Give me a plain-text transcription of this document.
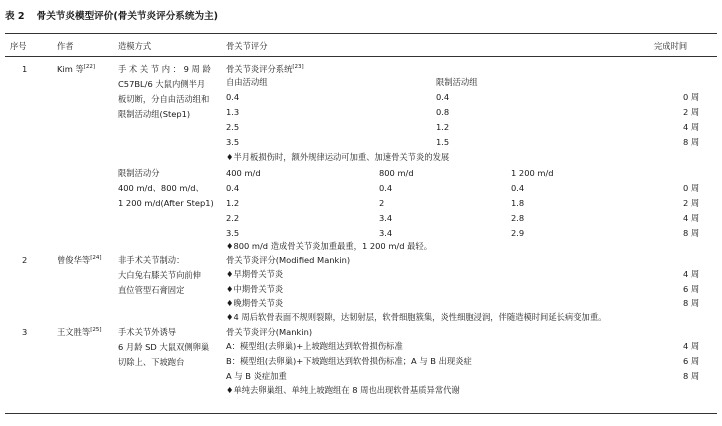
表 2 骨关节炎模型评价(骨关节炎评分系统为主)
序号	作者	造模方式	骨关节评分	完成时间
1	Kim 等[22]	手 术 关 节 内 ： 9 周 龄
C57BL/6 大鼠内侧半月
板切断，分自由活动组和
限制活动组(Step1)
骨关节炎评分系统[23]
自由活动组	限制活动组
0.4	0.4	0 周
1.3	0.8	2 周
2.5	1.2	4 周
3.5	1.5	8 周
♦半月板损伤时，额外规律运动可加重、加速骨关节炎的发展
限制活动分
400 m/d、800 m/d、
1 200 m/d(After Step1)
400 m/d	800 m/d	1 200 m/d
0.4	0.4	0.4	0 周
1.2	2	1.8	2 周
2.2	3.4	2.8	4 周
3.5	3.4	2.9	8 周
♦800 m/d 造成骨关节炎加重最重，1 200 m/d 最轻。
2	曾俊华等[24] 非手术关节制动：
大白兔右膝关节向前伸
直位管型石膏固定
骨关节炎评分(Modified Mankin)
♦早期骨关节炎	4 周
♦中期骨关节炎	6 周
♦晚期骨关节炎	8 周
♦4 周后软骨表面不规则裂隙，达韧射层，软骨细胞簇集，炎性细胞浸润，伴随造模时间延长病变加重。
3	王文胜等[25] 手术关节外诱导
6 月龄 SD 大鼠双侧卵巢
切除上、下坡跑台
骨关节炎评分(Mankin)
A：模型组(去卵巢)+上坡跑组达到软骨损伤标准	4 周
B：模型组(去卵巢)+下坡跑组达到软骨损伤标准；A 与 B 出现炎症	6 周
A 与 B 炎症加重	8 周
♦单纯去卵巢组、单纯上坡跑组在 8 周也出现软骨基质异常代谢
